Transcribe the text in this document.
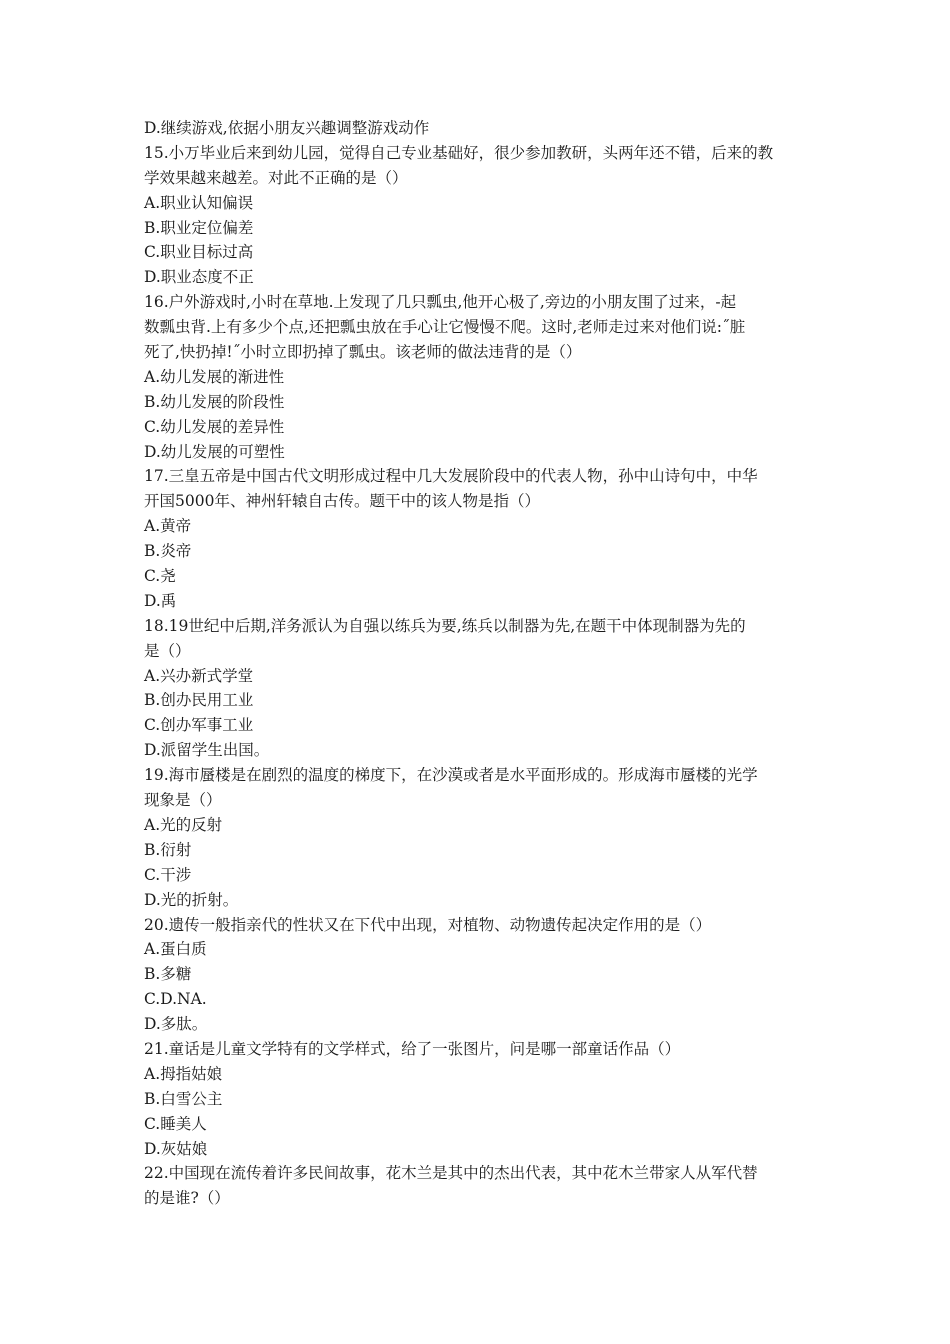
D.继续游戏,依据小朋友兴趣调整游戏动作
15.小万毕业后来到幼儿园，觉得自己专业基础好，很少参加教研，头两年还不错，后来的教
学效果越来越差。对此不正确的是（）
A.职业认知偏误
B.职业定位偏差
C.职业目标过高
D.职业态度不正
16.户外游戏时,小时在草地.上发现了几只瓢虫,他开心极了,旁边的小朋友围了过来，-起
数瓢虫背.上有多少个点,还把瓢虫放在手心让它慢慢不爬。这时,老师走过来对他们说:˝脏
死了,快扔掉!˝小时立即扔掉了瓢虫。该老师的做法违背的是（）
A.幼儿发展的渐进性
B.幼儿发展的阶段性
C.幼儿发展的差异性
D.幼儿发展的可塑性
17.三皇五帝是中国古代文明形成过程中几大发展阶段中的代表人物，孙中山诗句中，中华
开国5000年、神州轩辕自古传。题干中的该人物是指（）
A.黄帝
B.炎帝
C.尧
D.禹
18.19世纪中后期,洋务派认为自强以练兵为要,练兵以制器为先,在题干中体现制器为先的
是（）
A.兴办新式学堂
B.创办民用工业
C.创办军事工业
D.派留学生出国。
19.海市蜃楼是在剧烈的温度的梯度下，在沙漠或者是水平面形成的。形成海市蜃楼的光学
现象是（）
A.光的反射
B.衍射
C.干涉
D.光的折射。
20.遗传一般指亲代的性状又在下代中出现，对植物、动物遗传起决定作用的是（）
A.蛋白质
B.多糖
C.D.NA.
D.多肽。
21.童话是儿童文学特有的文学样式，给了一张图片，问是哪一部童话作品（）
A.拇指姑娘
B.白雪公主
C.睡美人
D.灰姑娘
22.中国现在流传着许多民间故事，花木兰是其中的杰出代表，其中花木兰带家人从军代替
的是谁?（）
